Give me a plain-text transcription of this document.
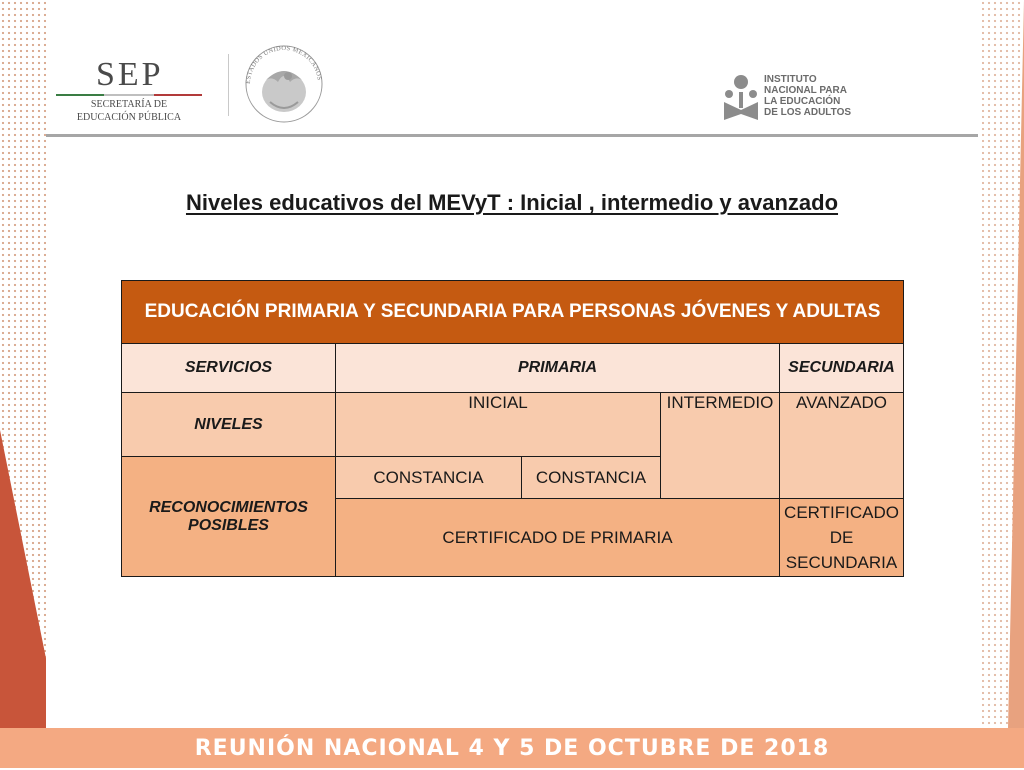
SEP
SECRETARÍA DE
EDUCACIÓN PÚBLICA
ESTADOS UNIDOS MEXICANOS	INSTITUTO
NACIONAL PARA
LA EDUCACIÓN
DE LOS ADULTOS
Niveles educativos del MEVyT : Inicial , intermedio y avanzado
EDUCACIÓN PRIMARIA Y SECUNDARIA PARA PERSONAS JÓVENES Y ADULTAS				
SERVICIOS	PRIMARIA			SECUNDARIA
NIVELES	INICIAL		INTERMEDIO	AVANZADO
RECONOCIMIENTOS POSIBLES	CONSTANCIA	CONSTANCIA		
	CERTIFICADO DE PRIMARIA			CERTIFICADO DE SECUNDARIA
REUNIÓN NACIONAL 4 Y 5 DE OCTUBRE DE 2018
